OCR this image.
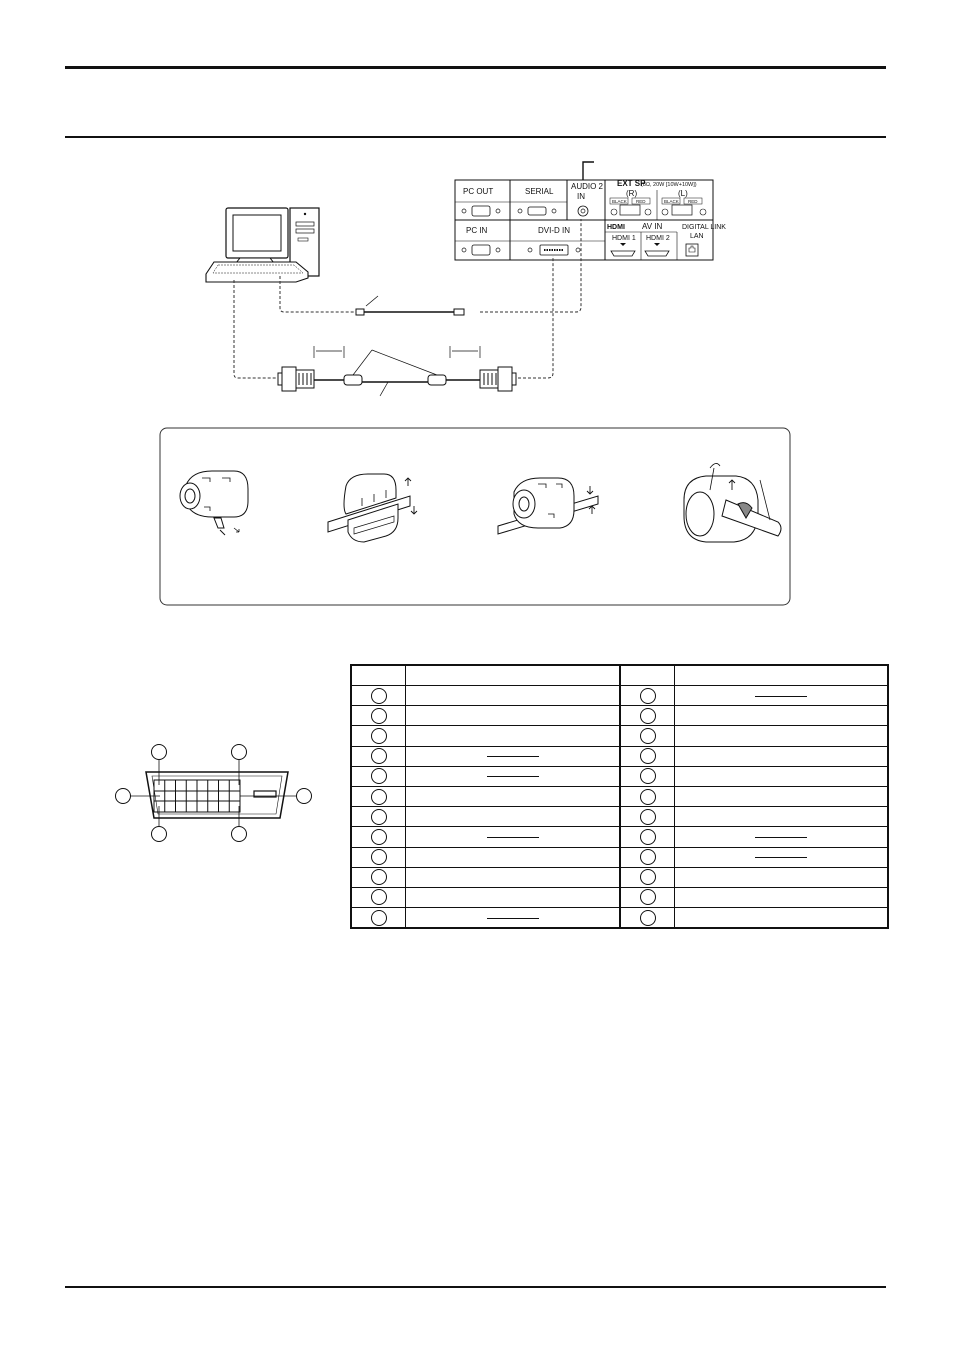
PC OUT	SERIAL
AUDIO 2
IN
EXT SP
(8Ω, 20W [10W+10W])
(R)	(L)
BLACK RED	BLACK RED
PC IN	DVI-D IN	HDMI AV IN	DIGITAL LINK
LAN
HDMI 1 HDMI 2
